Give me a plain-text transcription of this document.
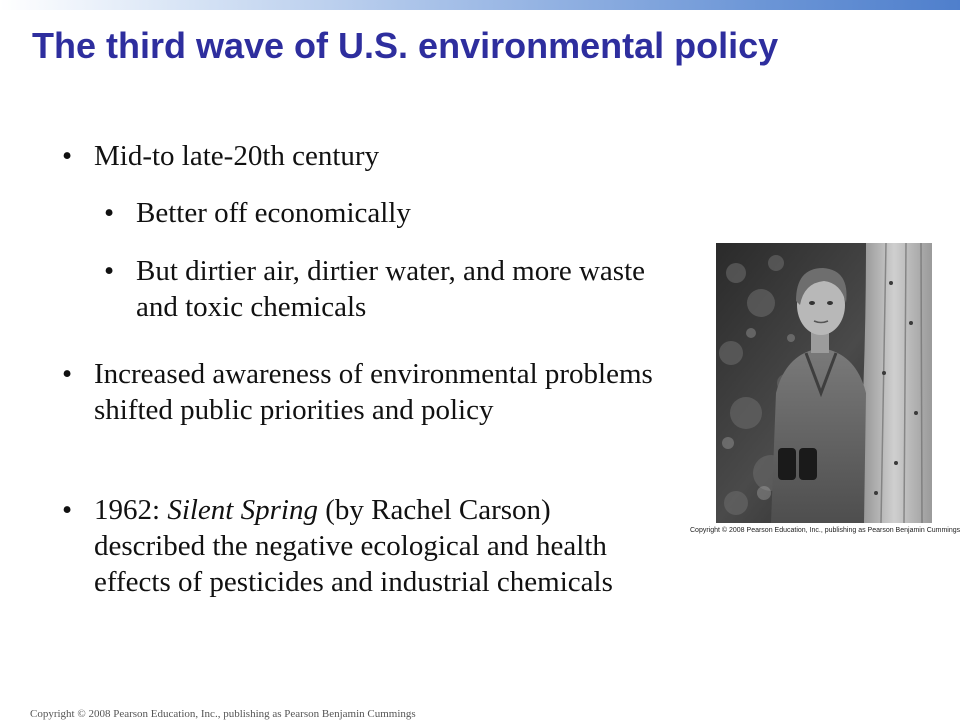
The third wave of U.S. environmental policy
• Mid-to late-20th century
• Better off economically
• But dirtier air, dirtier water, and more waste and toxic chemicals
• Increased awareness of environmental problems shifted public priorities and policy
• 1962: Silent Spring (by Rachel Carson) described the negative ecological and health effects of pesticides and industrial chemicals
Copyright © 2008 Pearson Education, Inc., publishing as Pearson Benjamin Cummings
Copyright © 2008 Pearson Education, Inc., publishing as Pearson Benjamin Cummings
